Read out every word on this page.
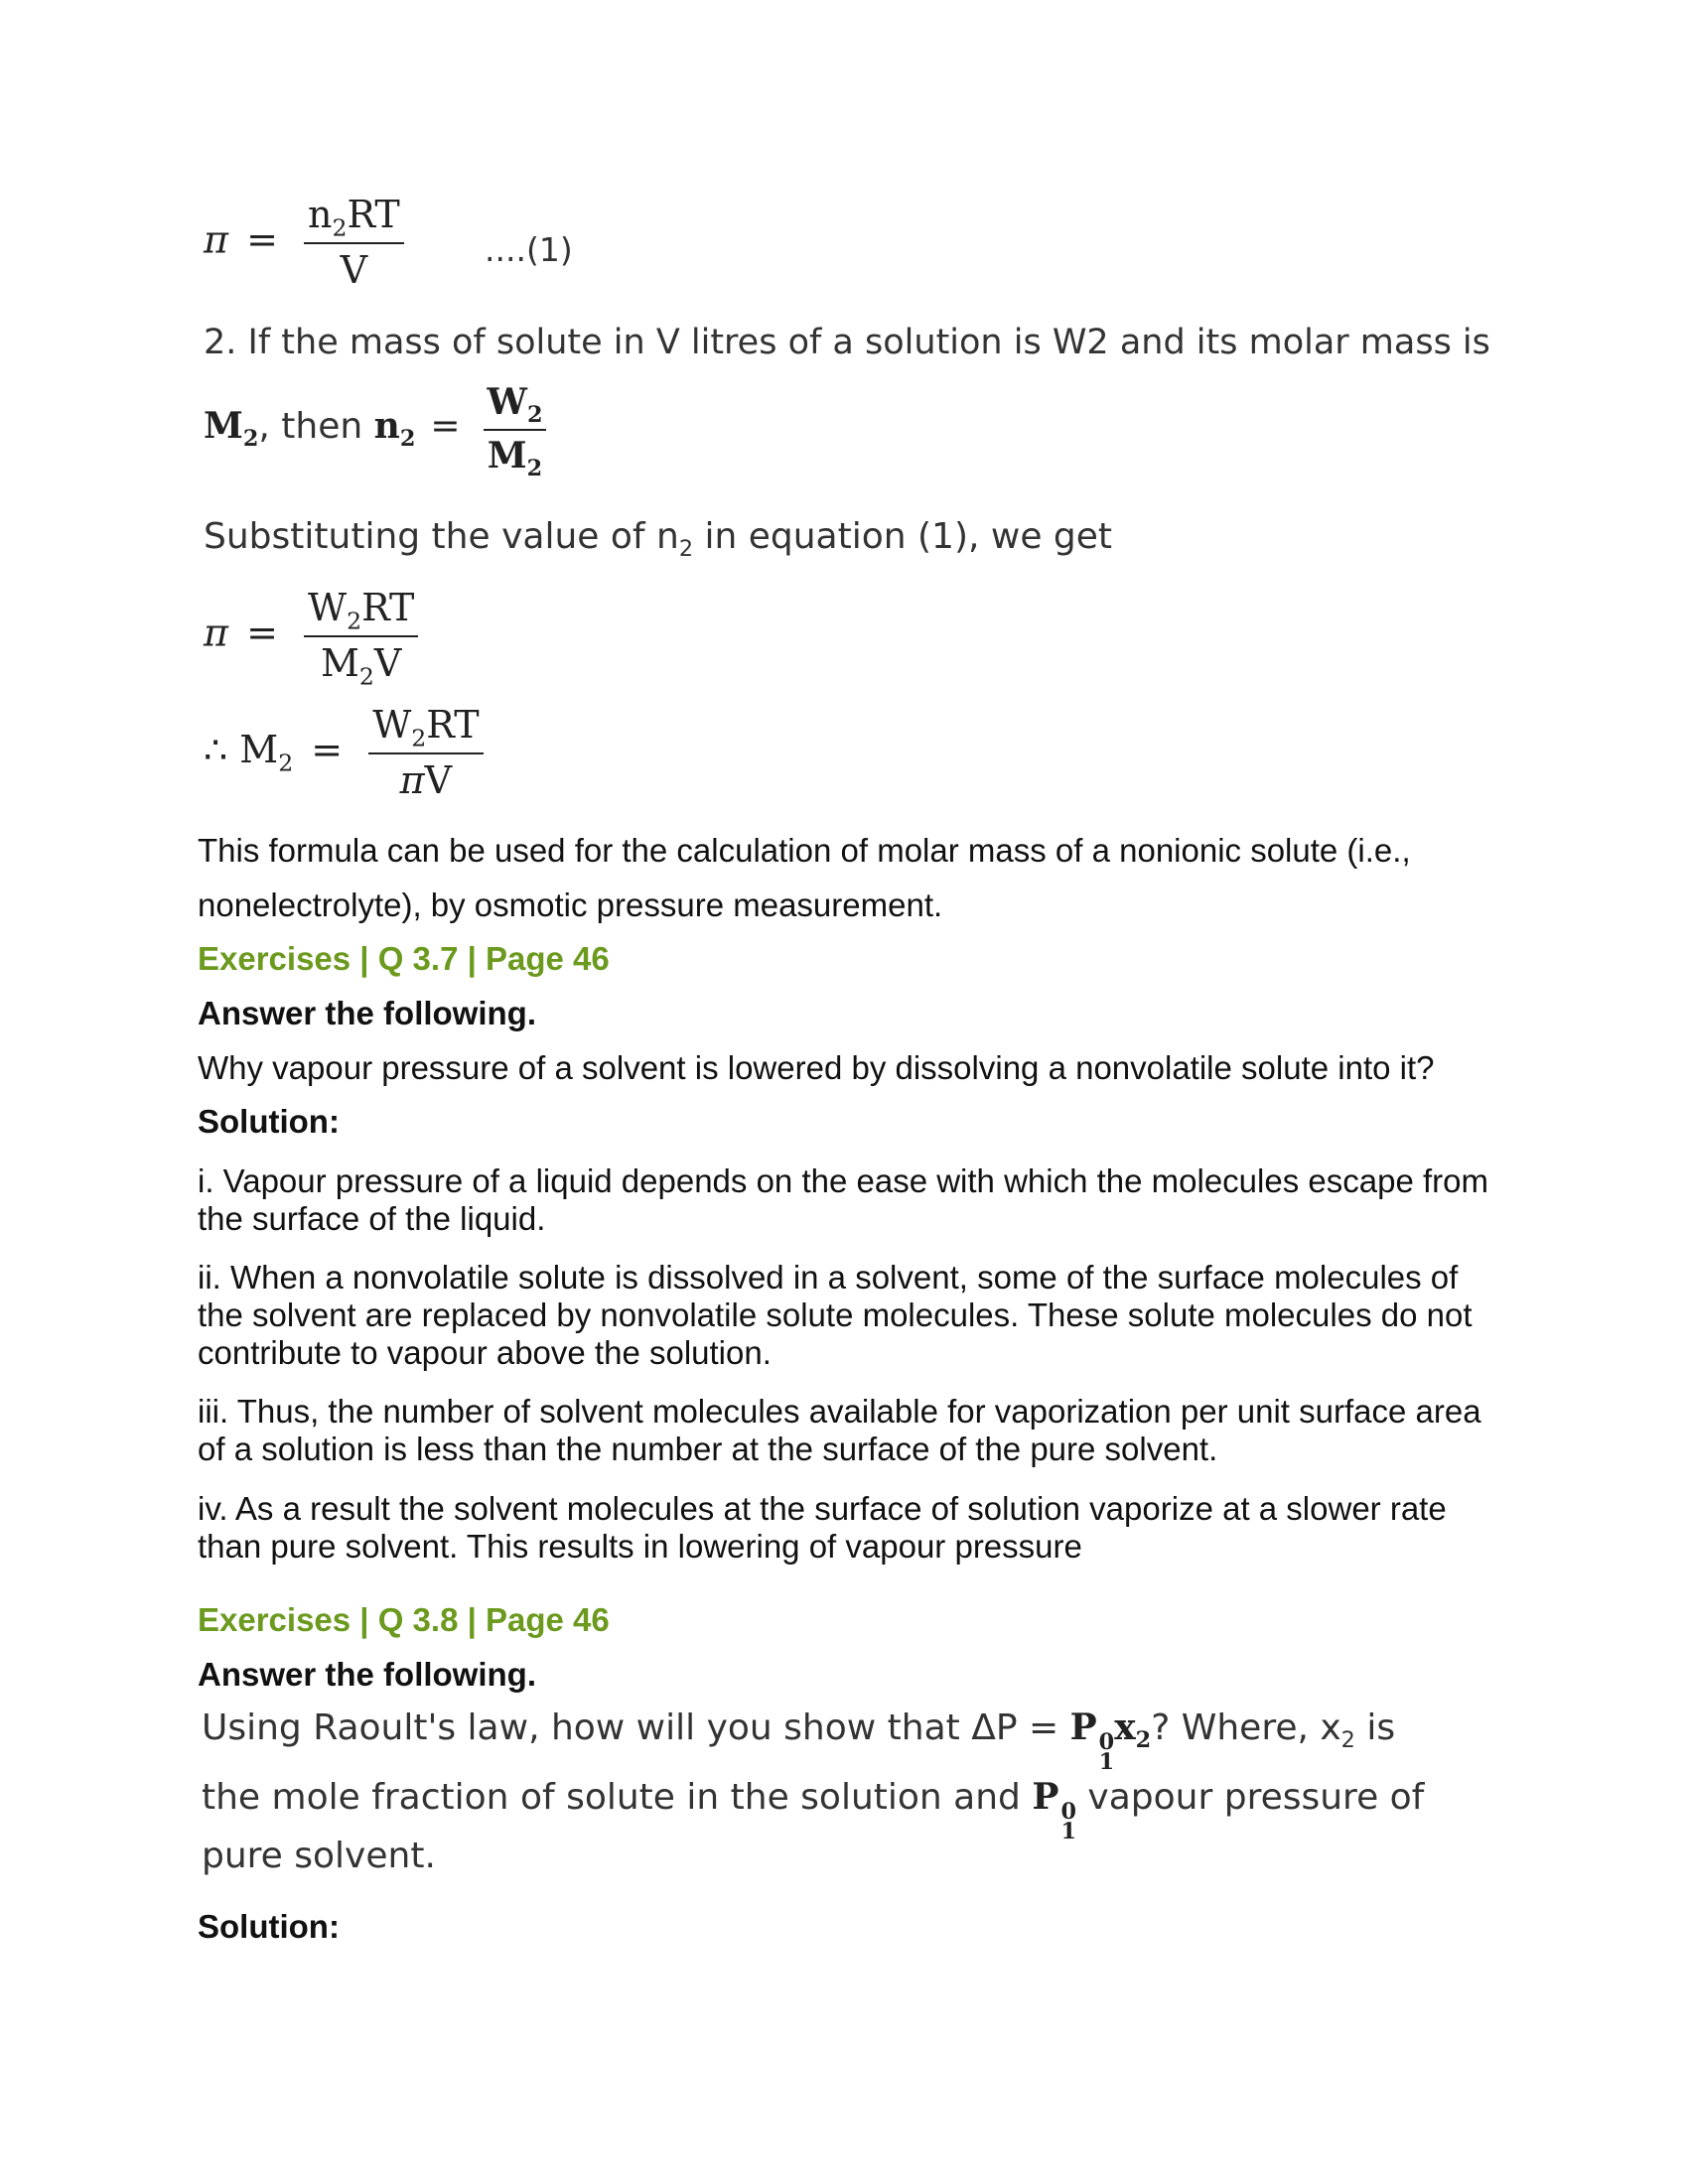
$\pi = \frac{n_2RT}{V} ....(1)$
2. If the mass of solute in V litres of a solution is W2 and its molar mass is
$M_2$, then $n_2 = \frac{W_2}{M_2}$
Substituting the value of $n_2$ in equation (1), we get
$\pi = \frac{W_2RT}{M_2V}$
∴ $M_2 = \frac{W_2RT}{\pi V}$
This formula can be used for the calculation of molar mass of a nonionic solute (i.e.,
nonelectrolyte), by osmotic pressure measurement.
Exercises | Q 3.7 | Page 46
Answer the following.
Why vapour pressure of a solvent is lowered by dissolving a nonvolatile solute into it?
Solution:
i. Vapour pressure of a liquid depends on the ease with which the molecules escape from the surface of the liquid.
ii. When a nonvolatile solute is dissolved in a solvent, some of the surface molecules of the solvent are replaced by nonvolatile solute molecules. These solute molecules do not contribute to vapour above the solution.
iii. Thus, the number of solvent molecules available for vaporization per unit surface area of a solution is less than the number at the surface of the pure solvent.
iv. As a result the solvent molecules at the surface of solution vaporize at a slower rate than pure solvent. This results in lowering of vapour pressure
Exercises | Q 3.8 | Page 46
Answer the following.
Using Raoult's law, how will you show that ΔP = P 0
1
$x_2$? Where, $x_2$ is
the mole fraction of solute in the solution and P 0
1
vapour pressure of
pure solvent.
Solution:
